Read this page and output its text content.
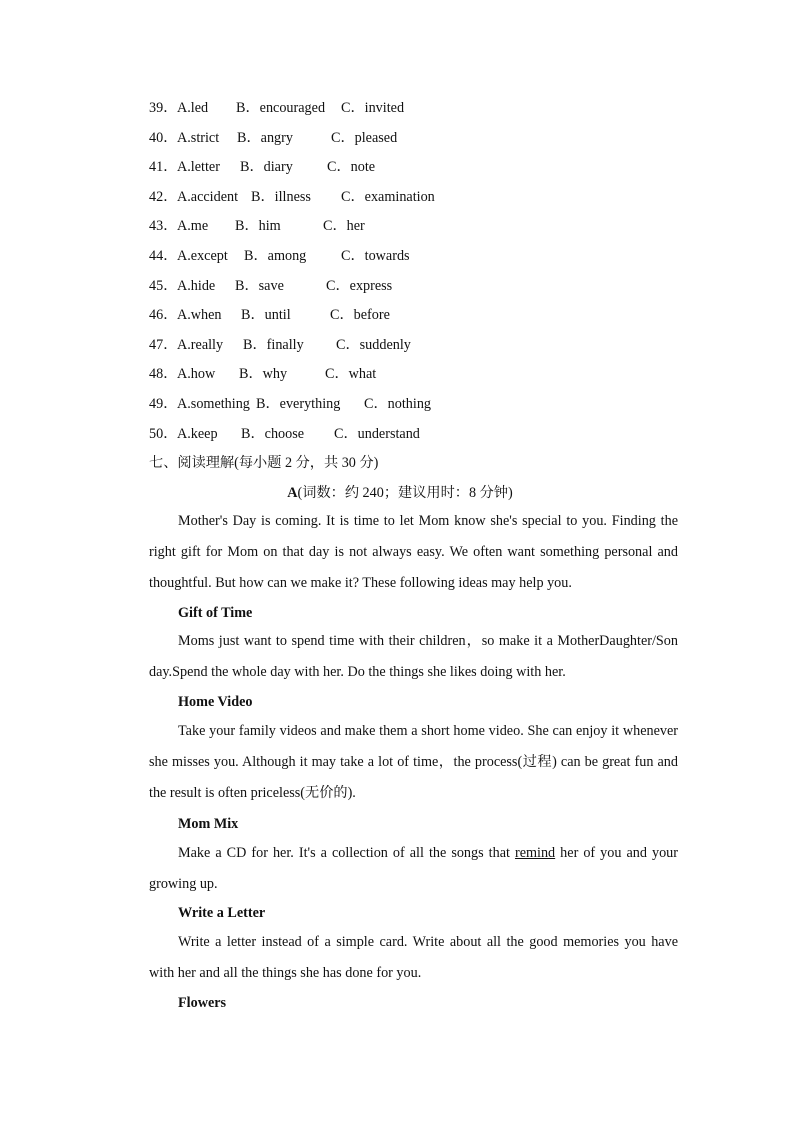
39． A.led B．encouraged C．invited
40． A.strict B．angry	C．pleased
41． A.letter B．diary C．note
42． A.accident B．illness C．examination
43． A.me B．him	C．her
44． A.except B．among C．towards
45． A.hide B．save	C．express
46． A.when B．until	C．before
47． A.really B．finally C．suddenly
48． A.how B．why	C．what
49． A.something B．everything C．nothing
50． A.keep B．choose C．understand
七、阅读理解(每小题 2 分，共 30 分)
A(词数：约 240；建议用时：8 分钟)
Mother's Day is coming. It is time to let Mom know she's special to you. Finding the right gift for Mom on that day is not always easy. We often want something personal and thoughtful. But how can we make it? These following ideas may help you.
Gift of Time
Moms just want to spend time with their children，so make it a MotherDaughter/Son day.Spend the whole day with her. Do the things she likes doing with her.
Home Video
Take your family videos and make them a short home video. She can enjoy it whenever she misses you. Although it may take a lot of time，the process(过程) can be great fun and the result is often priceless(无价的).
Mom Mix
Make a CD for her. It's a collection of all the songs that remind her of you and your growing up.
Write a Letter
Write a letter instead of a simple card. Write about all the good memories you have with her and all the things she has done for you.
Flowers
